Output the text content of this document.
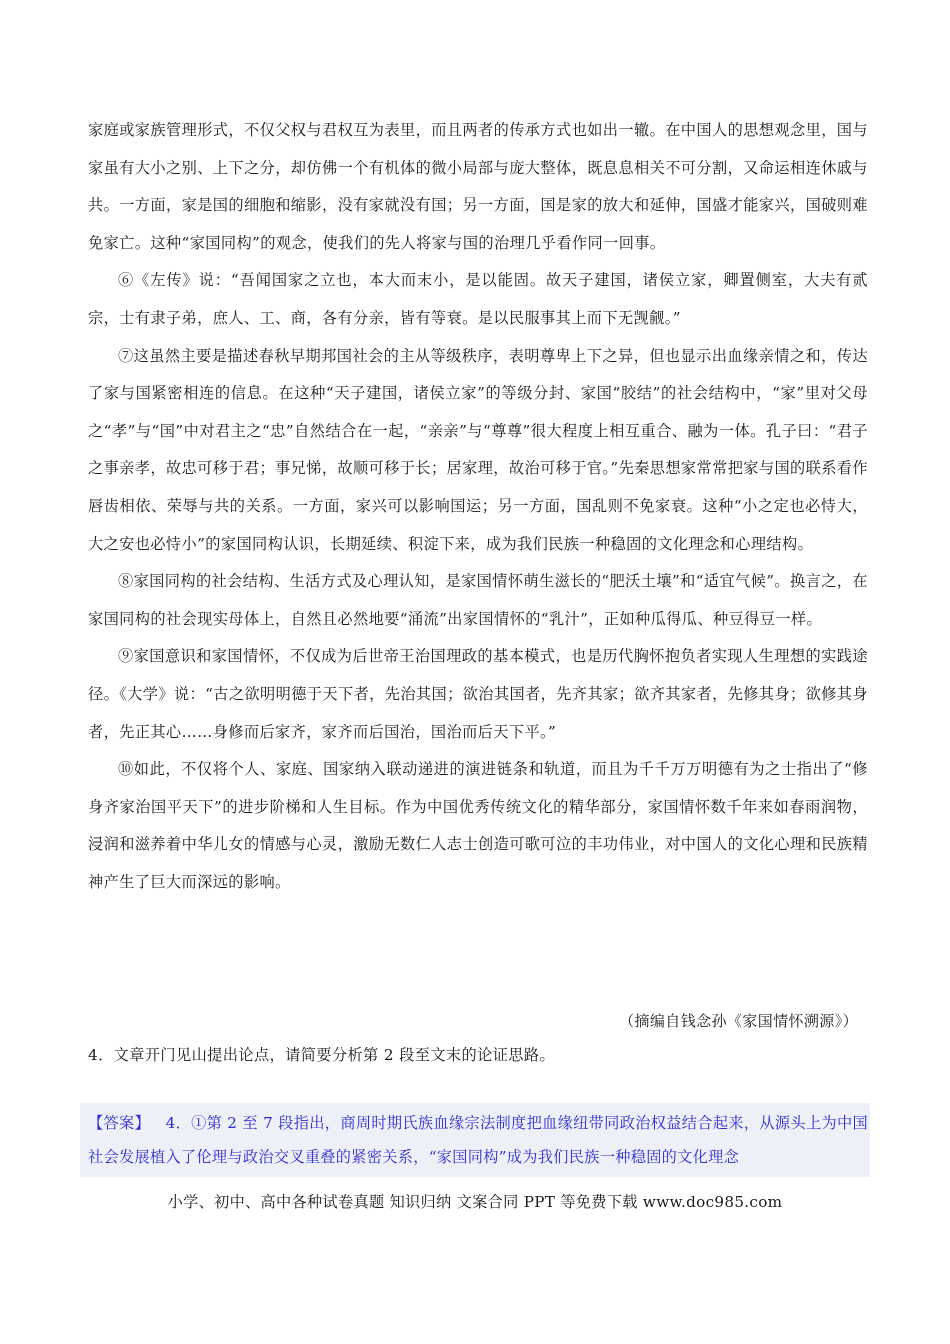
家庭或家族管理形式，不仅父权与君权互为表里，而且两者的传承方式也如出一辙。在中国人的思想观念里，国与家虽有大小之别、上下之分，却仿佛一个有机体的微小局部与庞大整体，既息息相关不可分割，又命运相连休戚与共。一方面，家是国的细胞和缩影，没有家就没有国；另一方面，国是家的放大和延伸，国盛才能家兴，国破则难免家亡。这种“家国同构”的观念，使我们的先人将家与国的治理几乎看作同一回事。

⑥《左传》说：“吾闻国家之立也，本大而末小，是以能固。故天子建国，诸侯立家，卿置侧室，大夫有贰宗，士有隶子弟，庶人、工、商，各有分亲，皆有等衰。是以民服事其上而下无觊觎。”

⑦这虽然主要是描述春秋早期邦国社会的主从等级秩序，表明尊卑上下之异，但也显示出血缘亲情之和，传达了家与国紧密相连的信息。在这种“天子建国，诸侯立家”的等级分封、家国“胶结”的社会结构中，“家”里对父母之“孝”与“国”中对君主之“忠”自然结合在一起，“亲亲”与“尊尊”很大程度上相互重合、融为一体。孔子曰：“君子之事亲孝，故忠可移于君；事兄悌，故顺可移于长；居家理，故治可移于官。”先秦思想家常常把家与国的联系看作唇齿相依、荣辱与共的关系。一方面，家兴可以影响国运；另一方面，国乱则不免家衰。这种“小之定也必恃大，大之安也必恃小”的家国同构认识，长期延续、积淀下来，成为我们民族一种稳固的文化理念和心理结构。

⑧家国同构的社会结构、生活方式及心理认知，是家国情怀萌生滋长的“肥沃土壤”和“适宜气候”。换言之，在家国同构的社会现实母体上，自然且必然地要“涌流”出家国情怀的“乳汁”，正如种瓜得瓜、种豆得豆一样。

⑨家国意识和家国情怀，不仅成为后世帝王治国理政的基本模式，也是历代胸怀抱负者实现人生理想的实践途径。《大学》说：“古之欲明明德于天下者，先治其国；欲治其国者，先齐其家；欲齐其家者，先修其身；欲修其身者，先正其心……身修而后家齐，家齐而后国治，国治而后天下平。”

⑩如此，不仅将个人、家庭、国家纳入联动递进的演进链条和轨道，而且为千千万万明德有为之士指出了“修身齐家治国平天下”的进步阶梯和人生目标。作为中国优秀传统文化的精华部分，家国情怀数千年来如春雨润物，浸润和滋养着中华儿女的情感与心灵，激励无数仁人志士创造可歌可泣的丰功伟业，对中国人的文化心理和民族精神产生了巨大而深远的影响。

（摘编自钱念孙《家国情怀溯源》）
4．文章开门见山提出论点，请简要分析第 2 段至文末的论证思路。
【答案】 4．①第 2 至 7 段指出，商周时期氏族血缘宗法制度把血缘纽带同政治权益结合起来，从源头上为中国社会发展植入了伦理与政治交叉重叠的紧密关系，“家国同构”成为我们民族一种稳固的文化理念
小学、初中、高中各种试卷真题 知识归纳 文案合同 PPT 等免费下载 www.doc985.com
